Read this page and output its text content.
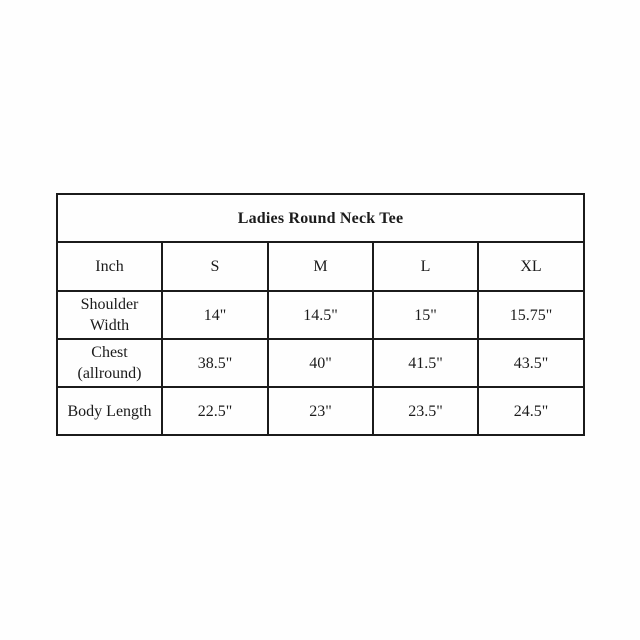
Ladies Round Neck Tee				
Inch	S	M	L	XL
Shoulder Width	14"	14.5"	15"	15.75"
Chest (allround)	38.5"	40"	41.5"	43.5"
Body Length	22.5"	23"	23.5"	24.5"
